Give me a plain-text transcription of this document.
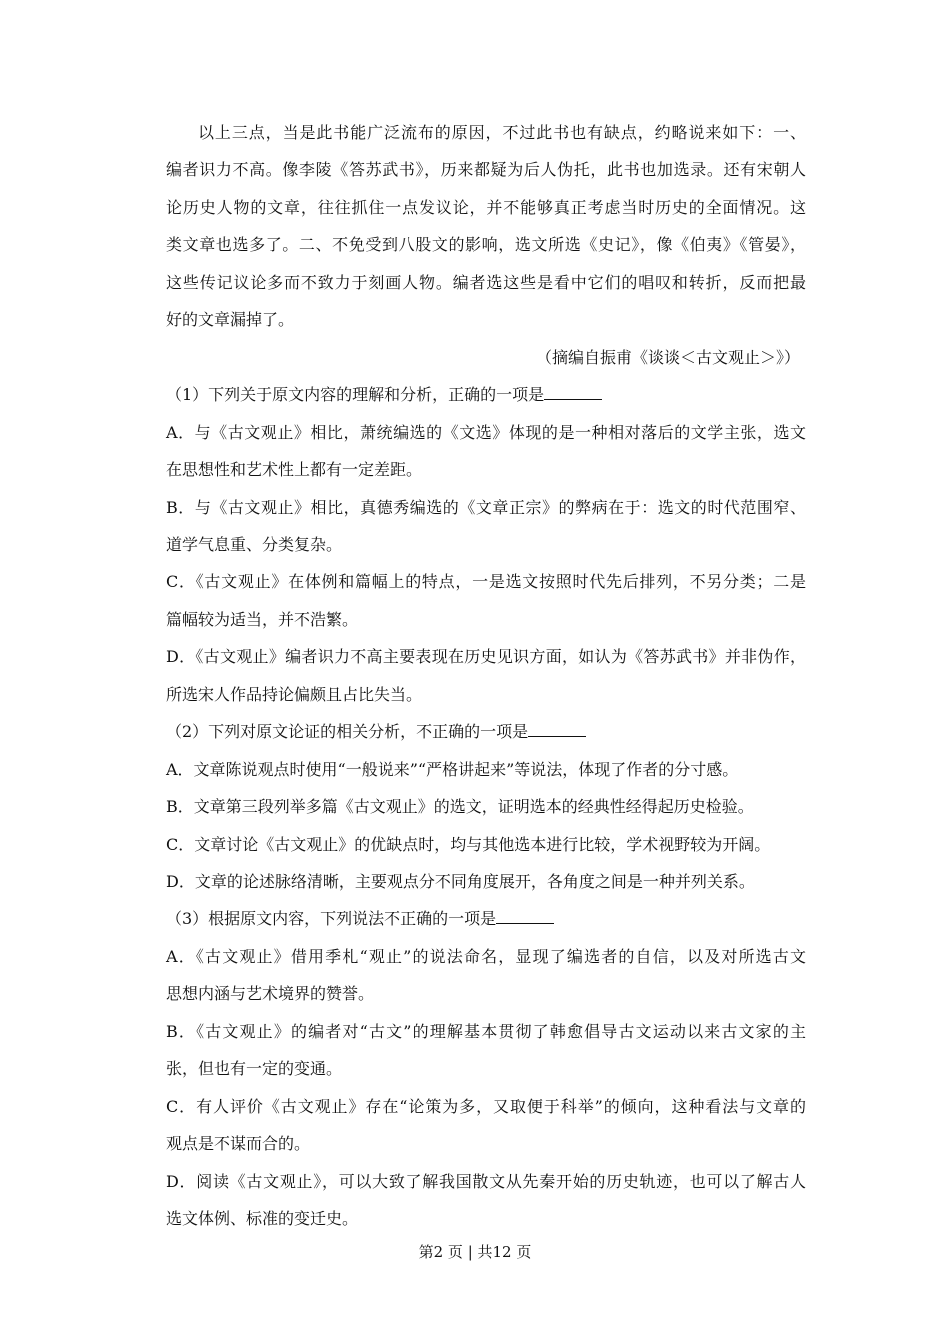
以上三点，当是此书能广泛流布的原因，不过此书也有缺点，约略说来如下：一、
编者识力不高。像李陵《答苏武书》，历来都疑为后人伪托，此书也加选录。还有宋朝人
论历史人物的文章，往往抓住一点发议论，并不能够真正考虑当时历史的全面情况。这
类文章也选多了。二、不免受到八股文的影响，选文所选《史记》，像《伯夷》《管晏》，
这些传记议论多而不致力于刻画人物。编者选这些是看中它们的唱叹和转折，反而把最
好的文章漏掉了。
（摘编自振甫《谈谈＜古文观止＞》）
（1）下列关于原文内容的理解和分析，正确的一项是
A．与《古文观止》相比，萧统编选的《文选》体现的是一种相对落后的文学主张，选文
在思想性和艺术性上都有一定差距。
B．与《古文观止》相比，真德秀编选的《文章正宗》的弊病在于：选文的时代范围窄、
道学气息重、分类复杂。
C．《古文观止》在体例和篇幅上的特点，一是选文按照时代先后排列，不另分类；二是
篇幅较为适当，并不浩繁。
D．《古文观止》编者识力不高主要表现在历史见识方面，如认为《答苏武书》并非伪作，
所选宋人作品持论偏颇且占比失当。
（2）下列对原文论证的相关分析，不正确的一项是
A．文章陈说观点时使用“一般说来”“严格讲起来”等说法，体现了作者的分寸感。
B．文章第三段列举多篇《古文观止》的选文，证明选本的经典性经得起历史检验。
C．文章讨论《古文观止》的优缺点时，均与其他选本进行比较，学术视野较为开阔。
D．文章的论述脉络清晰，主要观点分不同角度展开，各角度之间是一种并列关系。
（3）根据原文内容，下列说法不正确的一项是
A．《古文观止》借用季札“观止”的说法命名，显现了编选者的自信，以及对所选古文
思想内涵与艺术境界的赞誉。
B．《古文观止》的编者对“古文”的理解基本贯彻了韩愈倡导古文运动以来古文家的主
张，但也有一定的变通。
C．有人评价《古文观止》存在“论策为多，又取便于科举”的倾向，这种看法与文章的
观点是不谋而合的。
D．阅读《古文观止》，可以大致了解我国散文从先秦开始的历史轨迹，也可以了解古人
选文体例、标准的变迁史。
第2 页 | 共12 页
